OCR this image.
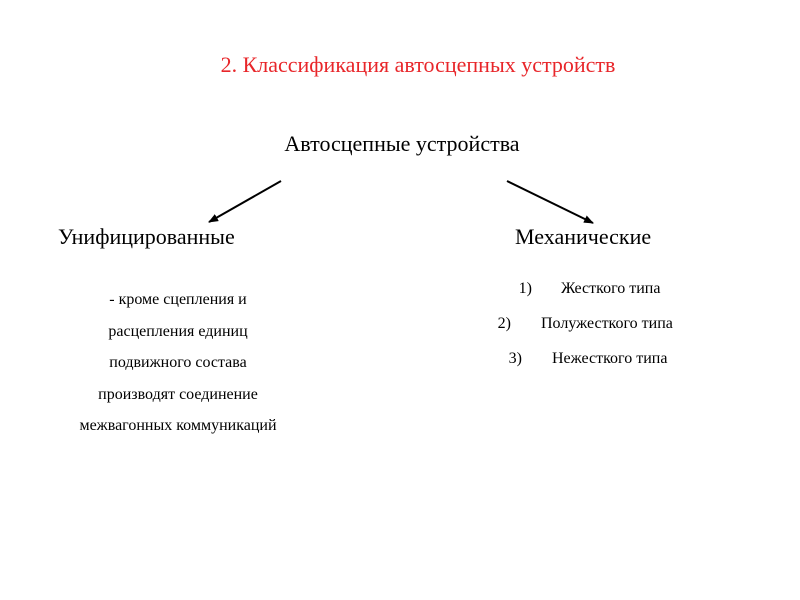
2. Классификация автосцепных устройств
Автосцепные устройства
Унифицированные	Механические
- кроме сцепления и
расцепления единиц
подвижного состава
производят соединение
межвагонных коммуникаций
1) Жесткого типа
2) Полужесткого типа
3) Нежесткого типа
